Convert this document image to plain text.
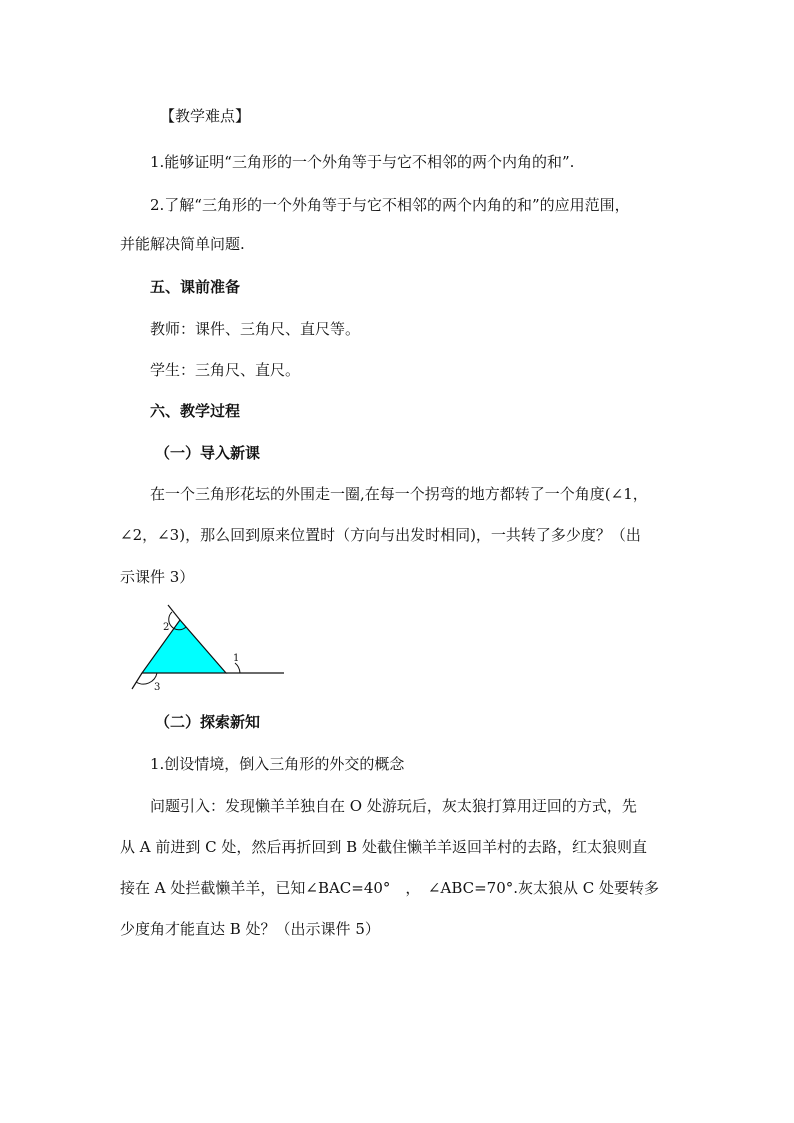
【教学难点】
1.能够证明“三角形的一个外角等于与它不相邻的两个内角的和”.
2.了解“三角形的一个外角等于与它不相邻的两个内角的和”的应用范围，
并能解决简单问题.
五、课前准备
教师：课件、三角尺、直尺等。
学生：三角尺、直尺。
六、教学过程
（一）导入新课
在一个三角形花坛的外围走一圈,在每一个拐弯的地方都转了一个角度(∠1，
∠2，∠3)，那么回到原来位置时（方向与出发时相同)，一共转了多少度？（出
示课件 3）
1
2
3
（二）探索新知
1.创设情境，倒入三角形的外交的概念
问题引入：发现懒羊羊独自在 O 处游玩后，灰太狼打算用迂回的方式，先
从 A 前进到 C 处，然后再折回到 B 处截住懒羊羊返回羊村的去路，红太狼则直
接在 A 处拦截懒羊羊，已知∠BAC=40°　，　∠ABC=70°.灰太狼从 C 处要转多
少度角才能直达 B 处？（出示课件 5）
